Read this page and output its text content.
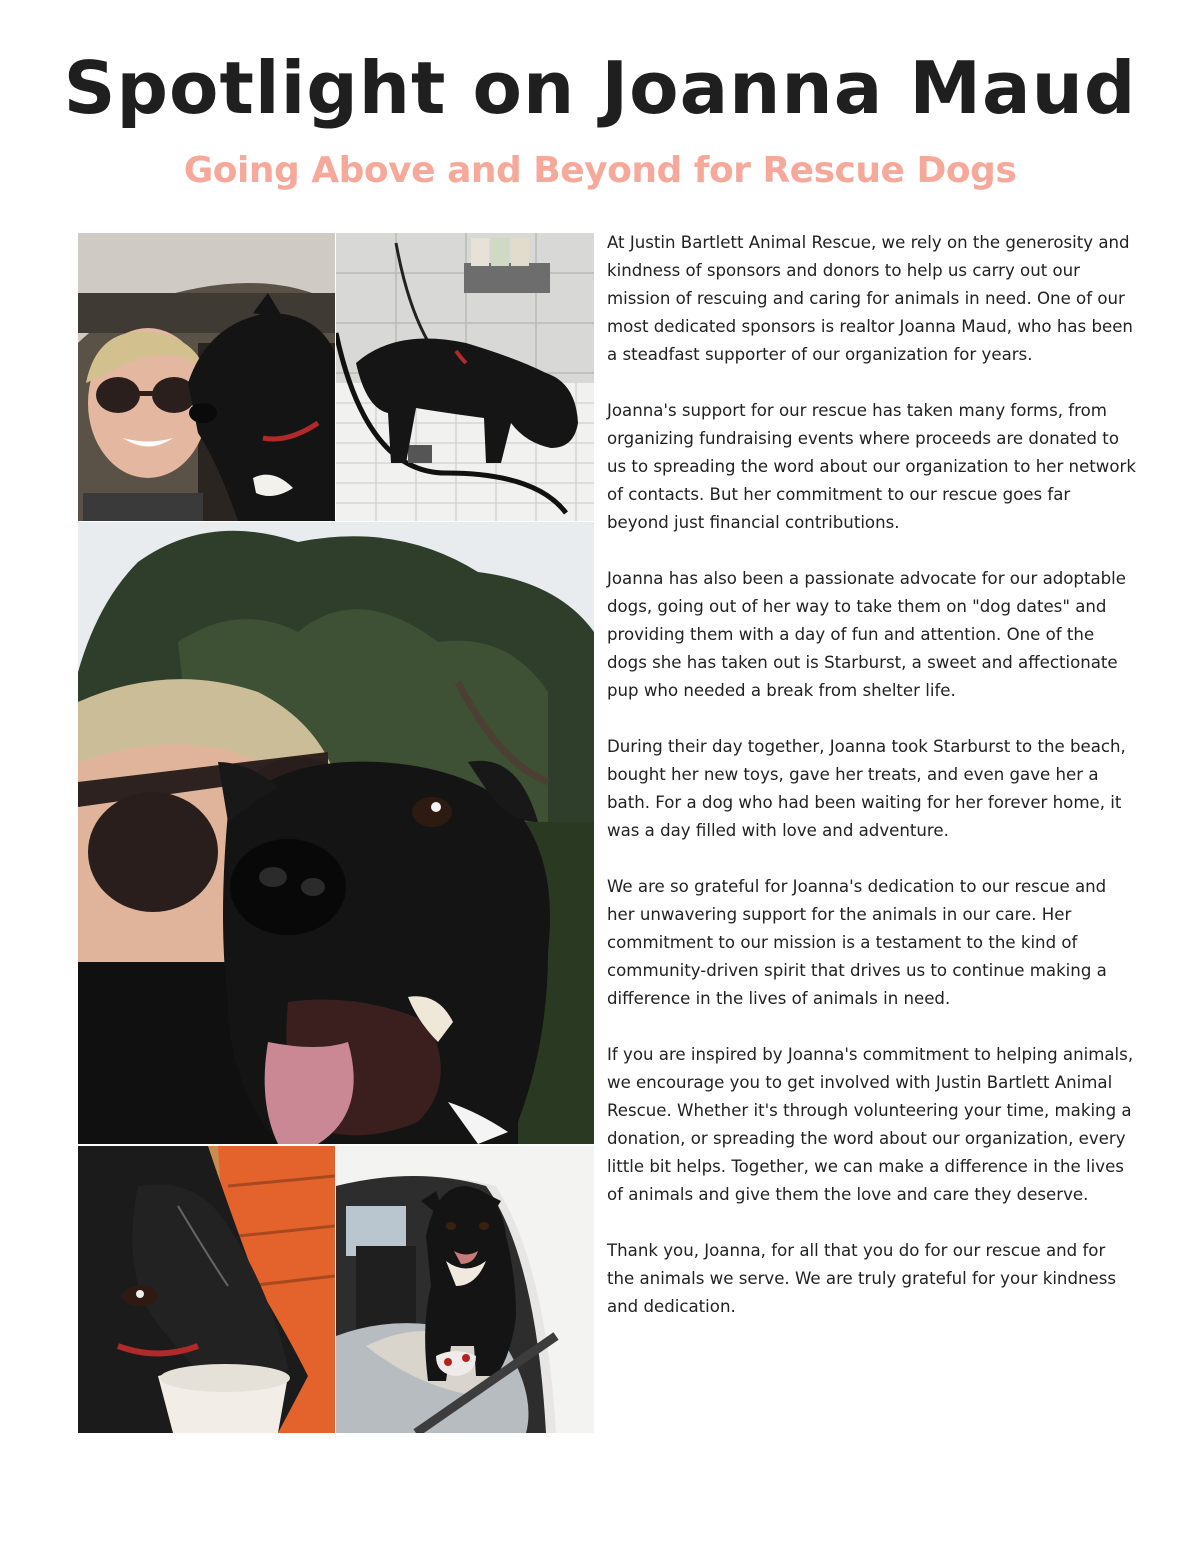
Spotlight on Joanna Maud
Going Above and Beyond for Rescue Dogs

At Justin Bartlett Animal Rescue, we rely on the generosity and kindness of sponsors and donors to help us carry out our mission of rescuing and caring for animals in need. One of our most dedicated sponsors is realtor Joanna Maud, who has been a steadfast supporter of our organization for years.

Joanna's support for our rescue has taken many forms, from organizing fundraising events where proceeds are donated to us to spreading the word about our organization to her network of contacts. But her commitment to our rescue goes far beyond just financial contributions.

Joanna has also been a passionate advocate for our adoptable dogs, going out of her way to take them on "dog dates" and providing them with a day of fun and attention. One of the dogs she has taken out is Starburst, a sweet and affectionate pup who needed a break from shelter life.

During their day together, Joanna took Starburst to the beach, bought her new toys, gave her treats, and even gave her a bath. For a dog who had been waiting for her forever home, it was a day filled with love and adventure.

We are so grateful for Joanna's dedication to our rescue and her unwavering support for the animals in our care. Her commitment to our mission is a testament to the kind of community-driven spirit that drives us to continue making a difference in the lives of animals in need.

If you are inspired by Joanna's commitment to helping animals, we encourage you to get involved with Justin Bartlett Animal Rescue. Whether it's through volunteering your time, making a donation, or spreading the word about our organization, every little bit helps. Together, we can make a difference in the lives of animals and give them the love and care they deserve.

Thank you, Joanna, for all that you do for our rescue and for the animals we serve. We are truly grateful for your kindness and dedication.
